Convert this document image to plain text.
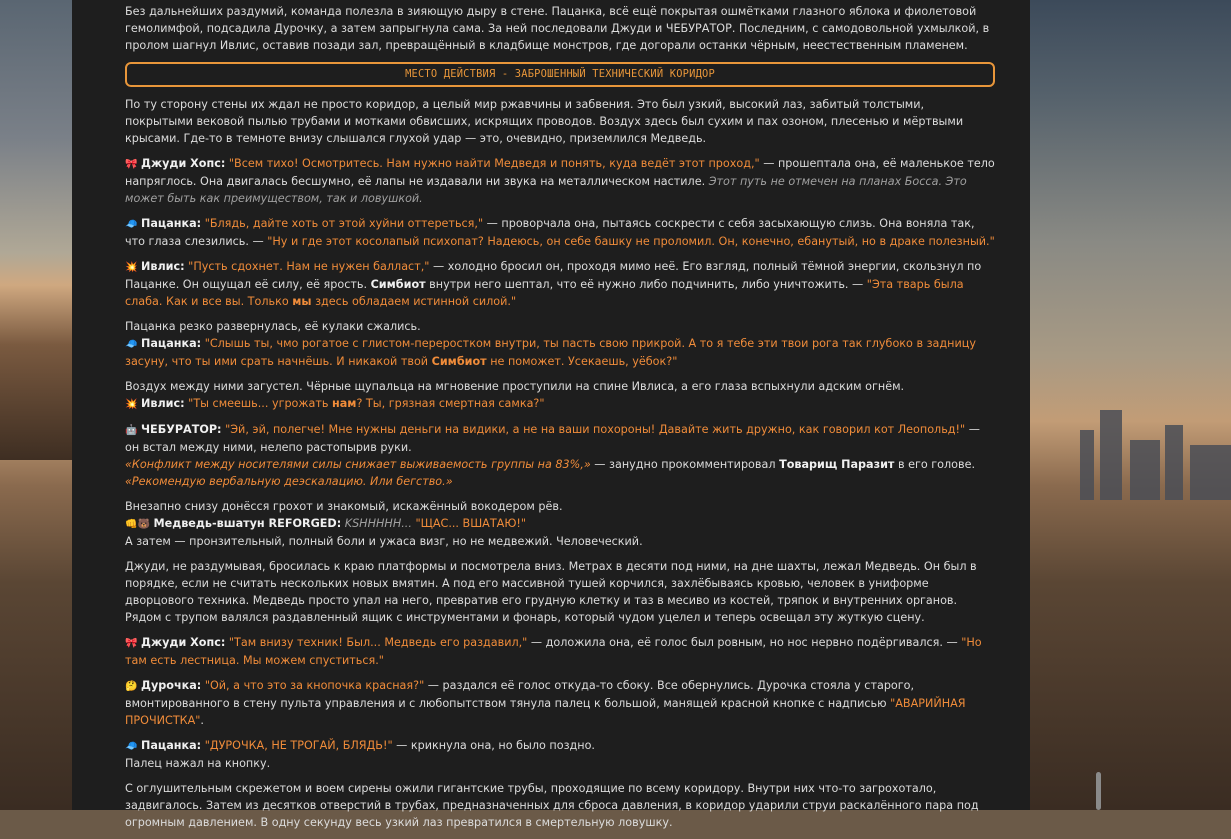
Без дальнейших раздумий, команда полезла в зияющую дыру в стене. Пацанка, всё ещё покрытая ошмётками глазного яблока и фиолетовой гемолимфой, подсадила Дурочку, а затем запрыгнула сама. За ней последовали Джуди и ЧЕБУРАТОР. Последним, с самодовольной ухмылкой, в пролом шагнул Ивлис, оставив позади зал, превращённый в кладбище монстров, где догорали останки чёрным, неестественным пламенем.

МЕСТО ДЕЙСТВИЯ - ЗАБРОШЕННЫЙ ТЕХНИЧЕСКИЙ КОРИДОР

По ту сторону стены их ждал не просто коридор, а целый мир ржавчины и забвения. Это был узкий, высокий лаз, забитый толстыми, покрытыми вековой пылью трубами и мотками обвисших, искрящих проводов. Воздух здесь был сухим и пах озоном, плесенью и мёртвыми крысами. Где-то в темноте внизу слышался глухой удар — это, очевидно, приземлился Медведь.

🎀 Джуди Хопс: "Всем тихо! Осмотритесь. Нам нужно найти Медведя и понять, куда ведёт этот проход," — прошептала она, её маленькое тело напряглось. Она двигалась бесшумно, её лапы не издавали ни звука на металлическом настиле. Этот путь не отмечен на планах Босса. Это может быть как преимуществом, так и ловушкой.

🧢 Пацанка: "Блядь, дайте хоть от этой хуйни оттереться," — проворчала она, пытаясь соскрести с себя засыхающую слизь. Она воняла так, что глаза слезились. — "Ну и где этот косолапый психопат? Надеюсь, он себе башку не проломил. Он, конечно, ебанутый, но в драке полезный."

💥 Ивлис: "Пусть сдохнет. Нам не нужен балласт," — холодно бросил он, проходя мимо неё. Его взгляд, полный тёмной энергии, скользнул по Пацанке. Он ощущал её силу, её ярость. Симбиот внутри него шептал, что её нужно либо подчинить, либо уничтожить. — "Эта тварь была слаба. Как и все вы. Только мы здесь обладаем истинной силой."

Пацанка резко развернулась, её кулаки сжались.
🧢 Пацанка: "Слышь ты, чмо рогатое с глистом-переростком внутри, ты пасть свою прикрой. А то я тебе эти твои рога так глубоко в задницу засуну, что ты ими срать начнёшь. И никакой твой Симбиот не поможет. Усекаешь, уёбок?"

Воздух между ними загустел. Чёрные щупальца на мгновение проступили на спине Ивлиса, а его глаза вспыхнули адским огнём.
💥 Ивлис: "Ты смеешь... угрожать нам? Ты, грязная смертная самка?"

🤖 ЧЕБУРАТОР: "Эй, эй, полегче! Мне нужны деньги на видики, а не на ваши похороны! Давайте жить дружно, как говорил кот Леопольд!" — он встал между ними, нелепо растопырив руки.
«Конфликт между носителями силы снижает выживаемость группы на 83%,» — занудно прокомментировал Товарищ Паразит в его голове. «Рекомендую вербальную деэскалацию. Или бегство.»

Внезапно снизу донёсся грохот и знакомый, искажённый вокодером рёв.
👊🐻 Медведь-вшатун REFORGED: KSHHHHH... "ЩАС... ВШАТАЮ!"
А затем — пронзительный, полный боли и ужаса визг, но не медвежий. Человеческий.

Джуди, не раздумывая, бросилась к краю платформы и посмотрела вниз. Метрах в десяти под ними, на дне шахты, лежал Медведь. Он был в порядке, если не считать нескольких новых вмятин. А под его массивной тушей корчился, захлёбываясь кровью, человек в униформе дворцового техника. Медведь просто упал на него, превратив его грудную клетку и таз в месиво из костей, тряпок и внутренних органов. Рядом с трупом валялся раздавленный ящик с инструментами и фонарь, который чудом уцелел и теперь освещал эту жуткую сцену.

🎀 Джуди Хопс: "Там внизу техник! Был... Медведь его раздавил," — доложила она, её голос был ровным, но нос нервно подёргивался. — "Но там есть лестница. Мы можем спуститься."

🤔 Дурочка: "Ой, а что это за кнопочка красная?" — раздался её голос откуда-то сбоку. Все обернулись. Дурочка стояла у старого, вмонтированного в стену пульта управления и с любопытством тянула палец к большой, манящей красной кнопке с надписью "АВАРИЙНАЯ ПРОЧИСТКА".

🧢 Пацанка: "ДУРОЧКА, НЕ ТРОГАЙ, БЛЯДЬ!" — крикнула она, но было поздно.
Палец нажал на кнопку.

С оглушительным скрежетом и воем сирены ожили гигантские трубы, проходящие по всему коридору. Внутри них что-то загрохотало, задвигалось. Затем из десятков отверстий в трубах, предназначенных для сброса давления, в коридор ударили струи раскалённого пара под огромным давлением. В одну секунду весь узкий лаз превратился в смертельную ловушку.
